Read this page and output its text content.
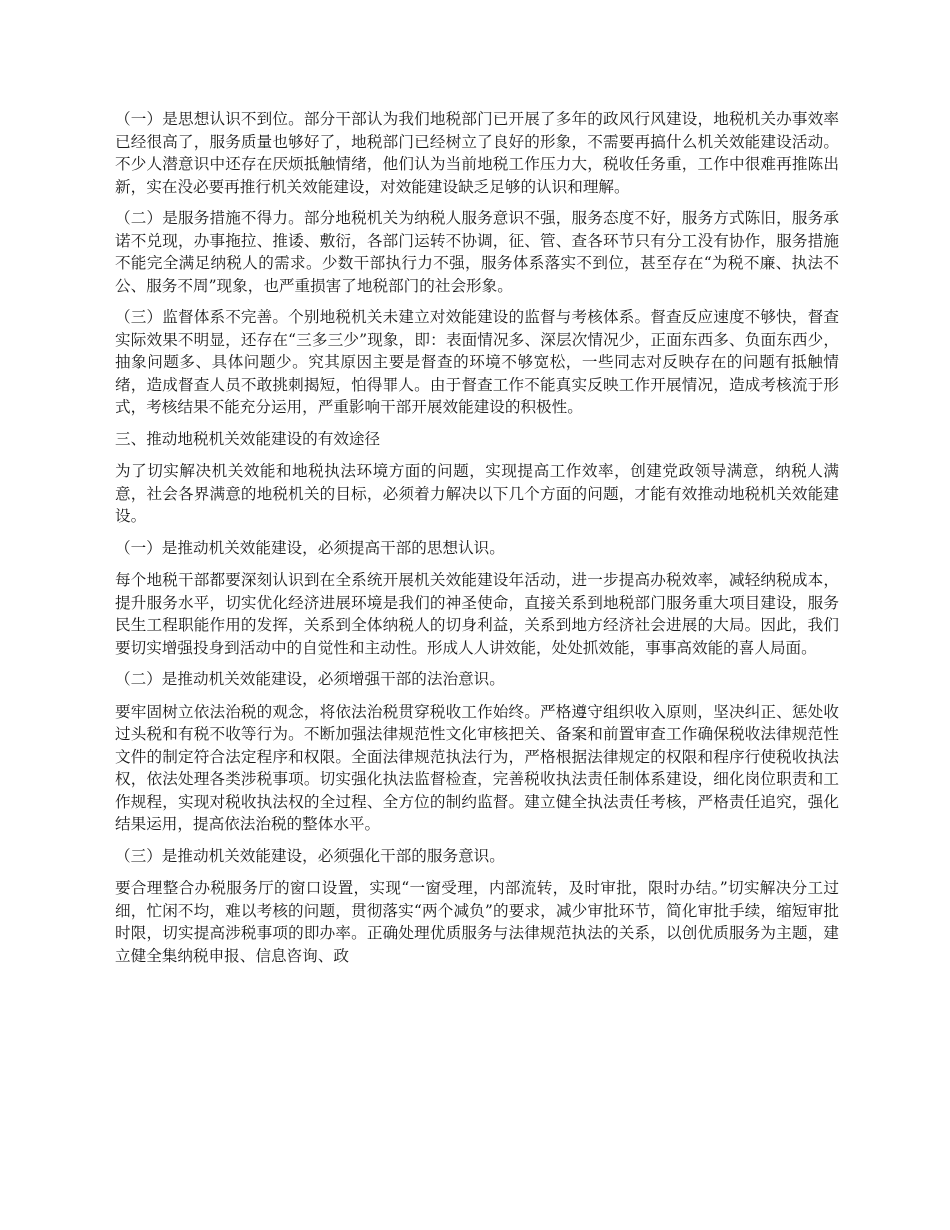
（一）是思想认识不到位。部分干部认为我们地税部门已开展了多年的政风行风建设，地税机关办事效率已经很高了，服务质量也够好了，地税部门已经树立了良好的形象，不需要再搞什么机关效能建设活动。不少人潜意识中还存在厌烦抵触情绪，他们认为当前地税工作压力大，税收任务重，工作中很难再推陈出新，实在没必要再推行机关效能建设，对效能建设缺乏足够的认识和理解。

（二）是服务措施不得力。部分地税机关为纳税人服务意识不强，服务态度不好，服务方式陈旧，服务承诺不兑现，办事拖拉、推诿、敷衍，各部门运转不协调，征、管、查各环节只有分工没有协作，服务措施不能完全满足纳税人的需求。少数干部执行力不强，服务体系落实不到位，甚至存在“为税不廉、执法不公、服务不周”现象，也严重损害了地税部门的社会形象。

（三）监督体系不完善。个别地税机关未建立对效能建设的监督与考核体系。督查反应速度不够快，督查实际效果不明显，还存在“三多三少”现象，即：表面情况多、深层次情况少，正面东西多、负面东西少，抽象问题多、具体问题少。究其原因主要是督查的环境不够宽松，一些同志对反映存在的问题有抵触情绪，造成督查人员不敢挑刺揭短，怕得罪人。由于督查工作不能真实反映工作开展情况，造成考核流于形式，考核结果不能充分运用，严重影响干部开展效能建设的积极性。

三、推动地税机关效能建设的有效途径

为了切实解决机关效能和地税执法环境方面的问题，实现提高工作效率，创建党政领导满意，纳税人满意，社会各界满意的地税机关的目标，必须着力解决以下几个方面的问题，才能有效推动地税机关效能建设。

（一）是推动机关效能建设，必须提高干部的思想认识。

每个地税干部都要深刻认识到在全系统开展机关效能建设年活动，进一步提高办税效率，减轻纳税成本，提升服务水平，切实优化经济进展环境是我们的神圣使命，直接关系到地税部门服务重大项目建设，服务民生工程职能作用的发挥，关系到全体纳税人的切身利益，关系到地方经济社会进展的大局。因此，我们要切实增强投身到活动中的自觉性和主动性。形成人人讲效能，处处抓效能，事事高效能的喜人局面。

（二）是推动机关效能建设，必须增强干部的法治意识。

要牢固树立依法治税的观念，将依法治税贯穿税收工作始终。严格遵守组织收入原则，坚决纠正、惩处收过头税和有税不收等行为。不断加强法律规范性文化审核把关、备案和前置审查工作确保税收法律规范性文件的制定符合法定程序和权限。全面法律规范执法行为，严格根据法律规定的权限和程序行使税收执法权，依法处理各类涉税事项。切实强化执法监督检查，完善税收执法责任制体系建设，细化岗位职责和工作规程，实现对税收执法权的全过程、全方位的制约监督。建立健全执法责任考核，严格责任追究，强化结果运用，提高依法治税的整体水平。

（三）是推动机关效能建设，必须强化干部的服务意识。

要合理整合办税服务厅的窗口设置，实现“一窗受理，内部流转，及时审批，限时办结。”切实解决分工过细，忙闲不均，难以考核的问题，贯彻落实“两个减负”的要求，减少审批环节，简化审批手续，缩短审批时限，切实提高涉税事项的即办率。正确处理优质服务与法律规范执法的关系，以创优质服务为主题，建立健全集纳税申报、信息咨询、政
